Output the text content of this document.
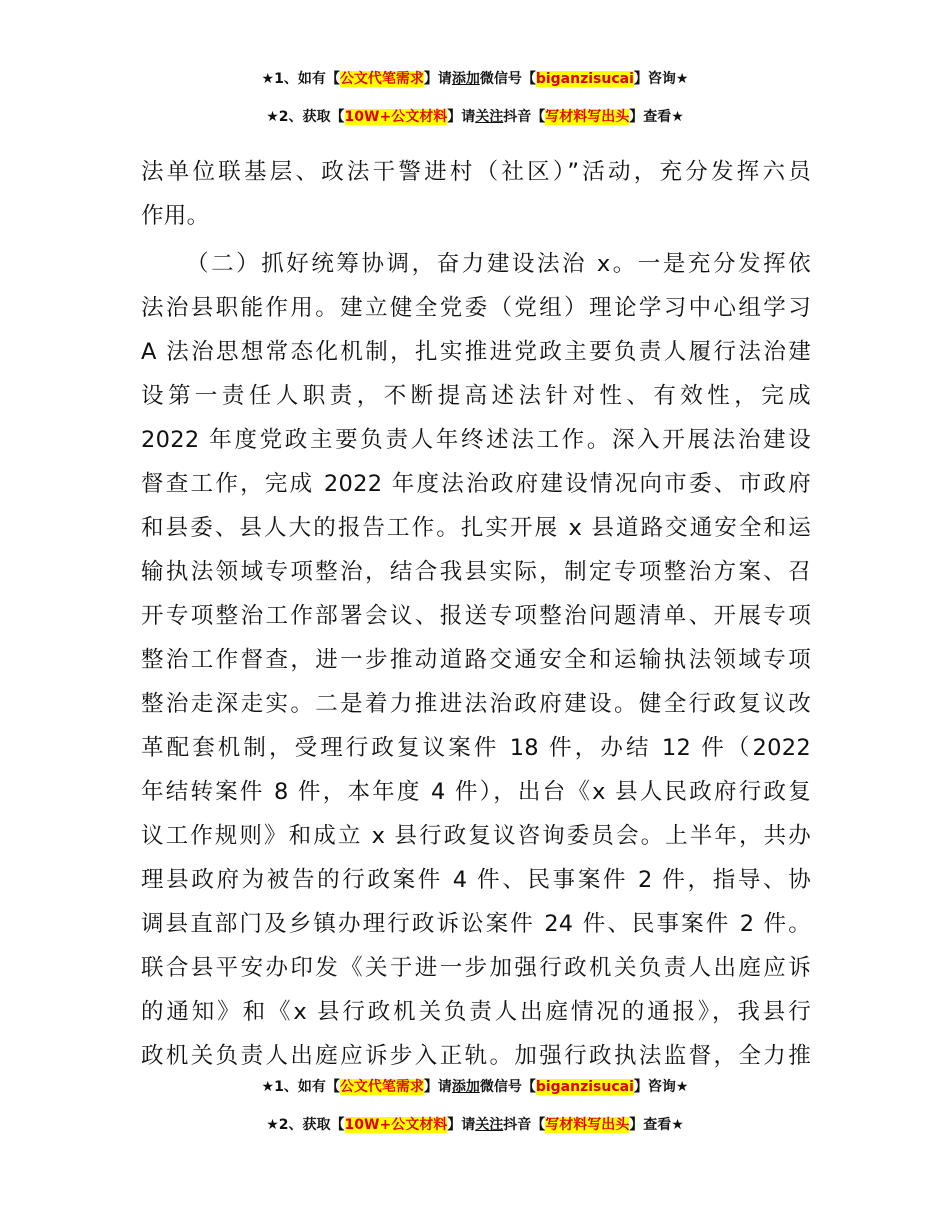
★1、如有【公文代笔需求】请添加微信号【biganzisucai】咨询★
★2、获取【10W+公文材料】请关注抖音【写材料写出头】查看★
法单位联基层、政法干警进村（社区）”活动，充分发挥六员
作用。
（二）抓好统筹协调，奋力建设法治 x。一是充分发挥依
法治县职能作用。建立健全党委（党组）理论学习中心组学习
A 法治思想常态化机制，扎实推进党政主要负责人履行法治建
设第一责任人职责，不断提高述法针对性、有效性，完成
2022 年度党政主要负责人年终述法工作。深入开展法治建设
督查工作，完成 2022 年度法治政府建设情况向市委、市政府
和县委、县人大的报告工作。扎实开展 x 县道路交通安全和运
输执法领域专项整治，结合我县实际，制定专项整治方案、召
开专项整治工作部署会议、报送专项整治问题清单、开展专项
整治工作督查，进一步推动道路交通安全和运输执法领域专项
整治走深走实。二是着力推进法治政府建设。健全行政复议改
革配套机制，受理行政复议案件 18 件，办结 12 件（2022
年结转案件 8 件，本年度 4 件），出台《x 县人民政府行政复
议工作规则》和成立 x 县行政复议咨询委员会。上半年，共办
理县政府为被告的行政案件 4 件、民事案件 2 件，指导、协
调县直部门及乡镇办理行政诉讼案件 24 件、民事案件 2 件。
联合县平安办印发《关于进一步加强行政机关负责人出庭应诉
的通知》和《x 县行政机关负责人出庭情况的通报》，我县行
政机关负责人出庭应诉步入正轨。加强行政执法监督，全力推
★1、如有【公文代笔需求】请添加微信号【biganzisucai】咨询★
★2、获取【10W+公文材料】请关注抖音【写材料写出头】查看★
